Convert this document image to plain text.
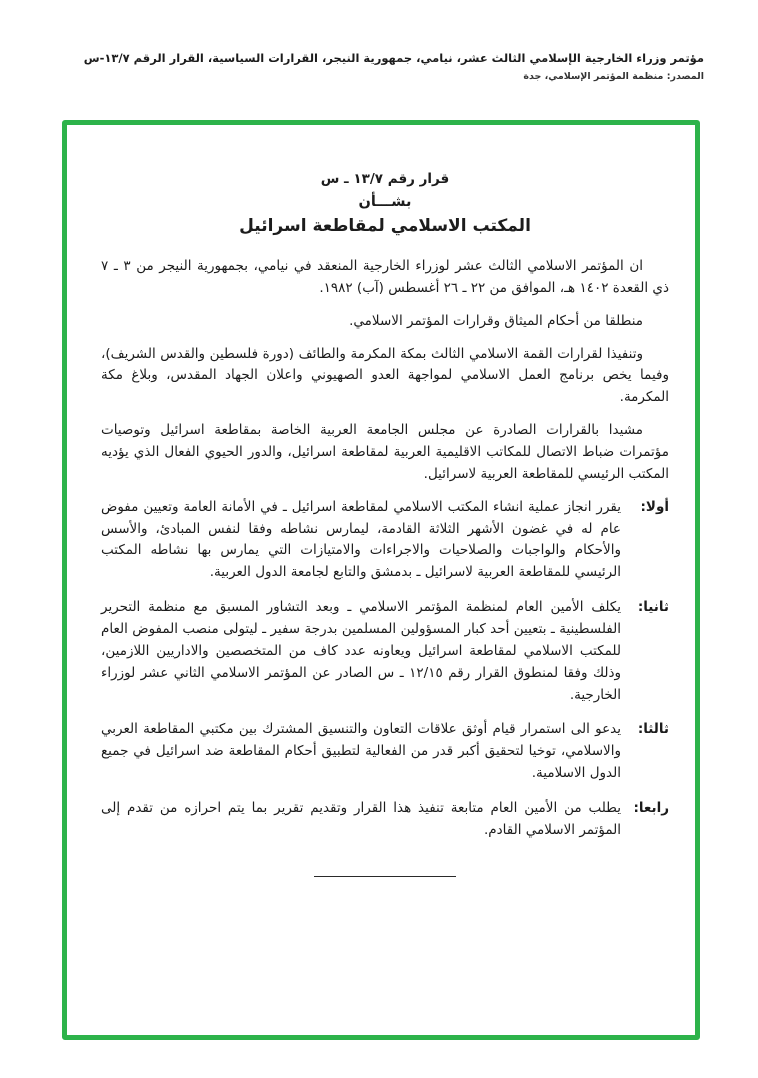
مؤتمر وزراء الخارجية الإسلامي الثالث عشر، نيامي، جمهورية النيجر، القرارات السياسية، القرار الرقم ١٣/٧-س
المصدر: منظمة المؤتمر الإسلامي، جدة
قرار رقم ١٣/٧ ـ س
بشـــأن
المكتب الاسلامي لمقاطعة اسرائيل

ان المؤتمر الاسلامي الثالث عشر لوزراء الخارجية المنعقد في نيامي، بجمهورية النيجر من ٣ ـ ٧ ذي القعدة ١٤٠٢ هـ، الموافق من ٢٢ ـ ٢٦ أغسطس (آب) ١٩٨٢.

منطلقا من أحكام الميثاق وقرارات المؤتمر الاسلامي.

وتنفيذا لقرارات القمة الاسلامي الثالث بمكة المكرمة والطائف (دورة فلسطين والقدس الشريف)، وفيما يخص برنامج العمل الاسلامي لمواجهة العدو الصهيوني واعلان الجهاد المقدس، وبلاغ مكة المكرمة.

مشيدا بالقرارات الصادرة عن مجلس الجامعة العربية الخاصة بمقاطعة اسرائيل وتوصيات مؤتمرات ضباط الاتصال للمكاتب الاقليمية العربية لمقاطعة اسرائيل، والدور الحيوي الفعال الذي يؤديه المكتب الرئيسي للمقاطعة العربية لاسرائيل.

أولا:
يقرر انجاز عملية انشاء المكتب الاسلامي لمقاطعة اسرائيل ـ في الأمانة العامة وتعيين مفوض عام له في غضون الأشهر الثلاثة القادمة، ليمارس نشاطه وفقا لنفس المبادئ، والأسس والأحكام والواجبات والصلاحيات والاجراءات والامتيازات التي يمارس بها نشاطه المكتب الرئيسي للمقاطعة العربية لاسرائيل ـ بدمشق والتابع لجامعة الدول العربية.
ثانيا:
يكلف الأمين العام لمنظمة المؤتمر الاسلامي ـ وبعد التشاور المسبق مع منظمة التحرير الفلسطينية ـ بتعيين أحد كبار المسؤولين المسلمين بدرجة سفير ـ ليتولى منصب المفوض العام للمكتب الاسلامي لمقاطعة اسرائيل ويعاونه عدد كاف من المتخصصين والاداريين اللازمين، وذلك وفقا لمنطوق القرار رقم ١٢/١٥ ـ س الصادر عن المؤتمر الاسلامي الثاني عشر لوزراء الخارجية.
ثالثا:
يدعو الى استمرار قيام أوثق علاقات التعاون والتنسيق المشترك بين مكتبي المقاطعة العربي والاسلامي، توخيا لتحقيق أكبر قدر من الفعالية لتطبيق أحكام المقاطعة ضد اسرائيل في جميع الدول الاسلامية.
رابعا:
يطلب من الأمين العام متابعة تنفيذ هذا القرار وتقديم تقرير بما يتم احرازه من تقدم إلى المؤتمر الاسلامي القادم.
